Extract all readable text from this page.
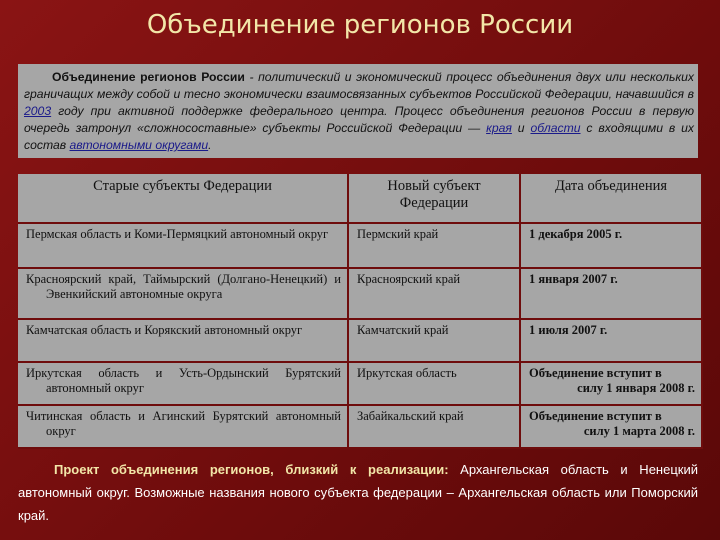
Объединение регионов России
Объединение регионов России - политический и экономический процесс объединения двух или нескольких граничащих между собой и тесно экономически взаимосвязанных субъектов Российской Федерации, начавшийся в 2003 году при активной поддержке федерального центра. Процесс объединения регионов России в первую очередь затронул «сложносоставные» субъекты Российской Федерации — края и области с входящими в их состав автономными округами.
Старые субъекты Федерации	Новый субъект Федерации	Дата объединения

Пермская область и Коми-Пермяцкий автономный округ	Пермский край	1 декабря 2005 г.

Красноярский край, Таймырский (Долгано-Ненецкий) и Эвенкийский автономные округа	Красноярский край	1 января 2007 г.

Камчатская область и Корякский автономный округ	Камчатский край	1 июля 2007 г.

Иркутская область и Усть-Ордынский Бурятский автономный округ	Иркутская область	Объединение вступит в
силу 1 января 2008 г.

Читинская область и Агинский Бурятский автономный округ	Забайкальский край	Объединение вступит в
силу 1 марта 2008 г.
Проект объединения регионов, близкий к реализации: Архангельская область и Ненецкий автономный округ. Возможные названия нового субъекта федерации – Архангельская область или Поморский край.
